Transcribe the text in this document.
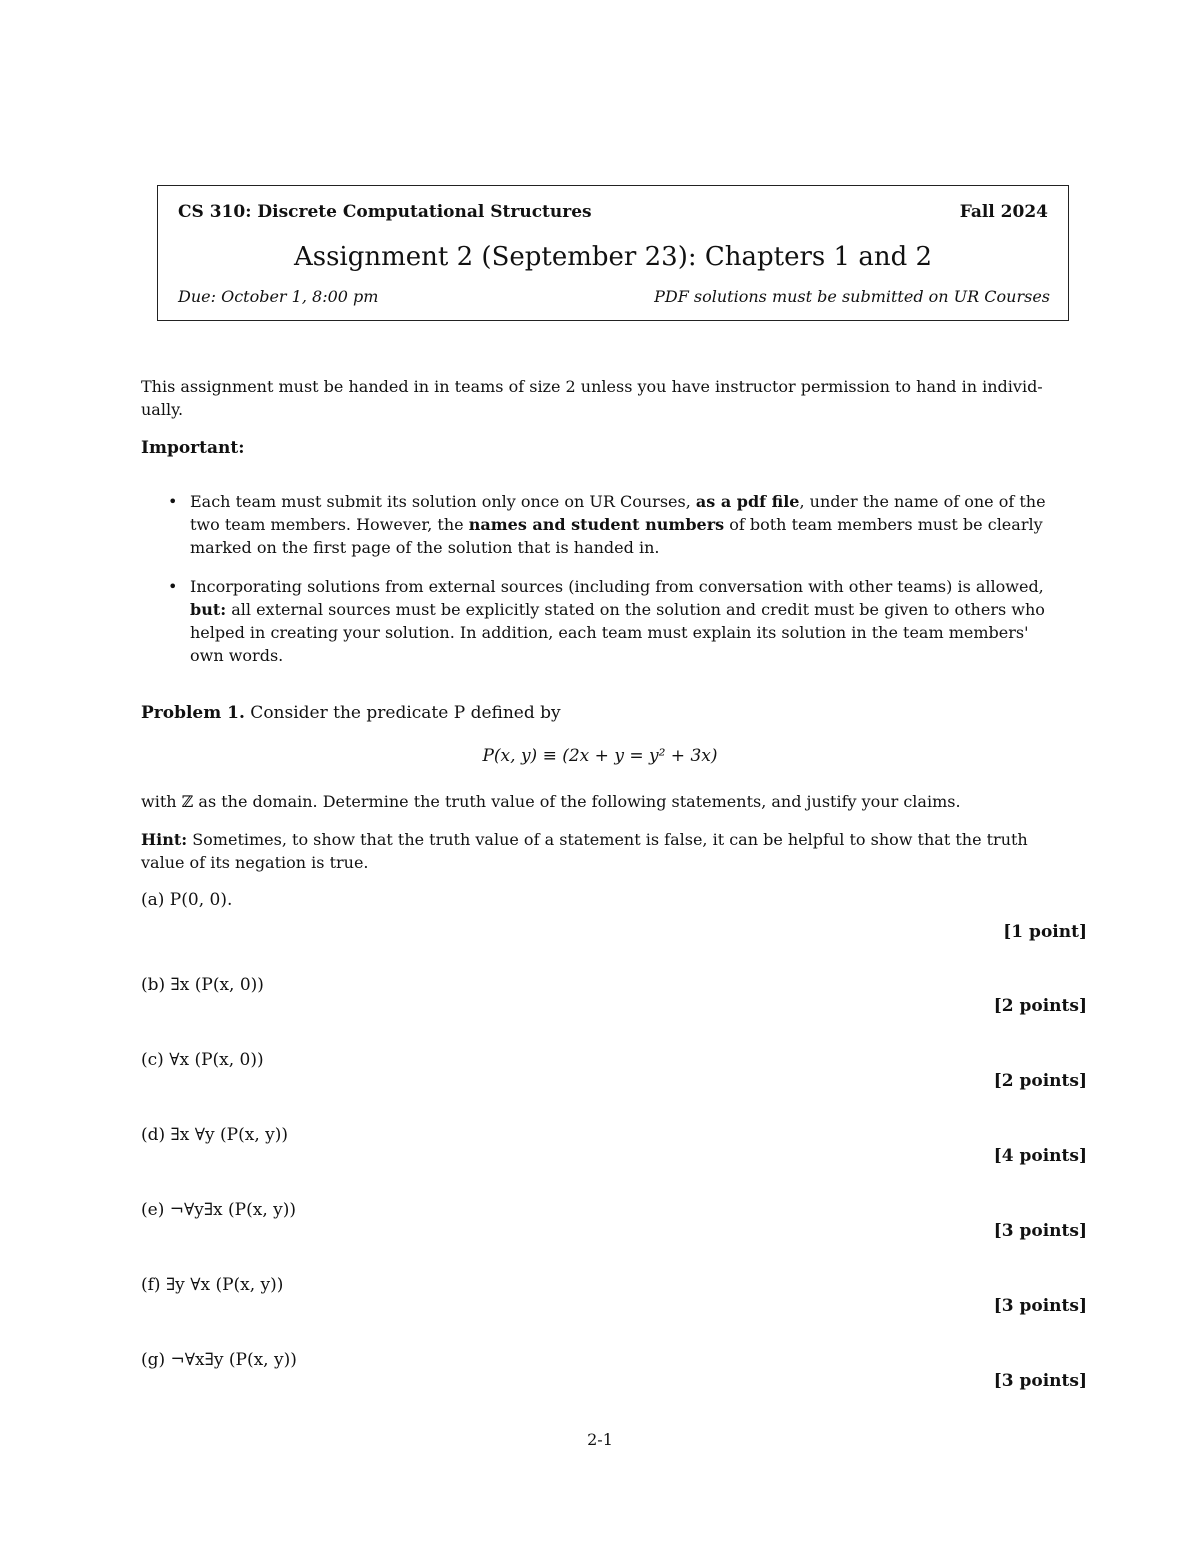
CS 310: Discrete Computational Structures	Fall 2024
Assignment 2 (September 23): Chapters 1 and 2
Due: October 1, 8:00 pm	PDF solutions must be submitted on UR Courses
This assignment must be handed in in teams of size 2 unless you have instructor permission to hand in individ-
ually.
Important:
• Each team must submit its solution only once on UR Courses, as a pdf file, under the name of one of the
two team members. However, the names and student numbers of both team members must be clearly
marked on the first page of the solution that is handed in.
• Incorporating solutions from external sources (including from conversation with other teams) is allowed,
but: all external sources must be explicitly stated on the solution and credit must be given to others who
helped in creating your solution. In addition, each team must explain its solution in the team members'
own words.
Problem 1. Consider the predicate P defined by
P(x, y) ≡ (2x + y = y² + 3x)
with ℤ as the domain. Determine the truth value of the following statements, and justify your claims.
Hint: Sometimes, to show that the truth value of a statement is false, it can be helpful to show that the truth
value of its negation is true.
(a) P(0, 0).
[1 point]
(b) ∃x (P(x, 0))
[2 points]
(c) ∀x (P(x, 0))
[2 points]
(d) ∃x ∀y (P(x, y))
[4 points]
(e) ¬∀y∃x (P(x, y))
[3 points]
(f) ∃y ∀x (P(x, y))
[3 points]
(g) ¬∀x∃y (P(x, y))
[3 points]
2-1
